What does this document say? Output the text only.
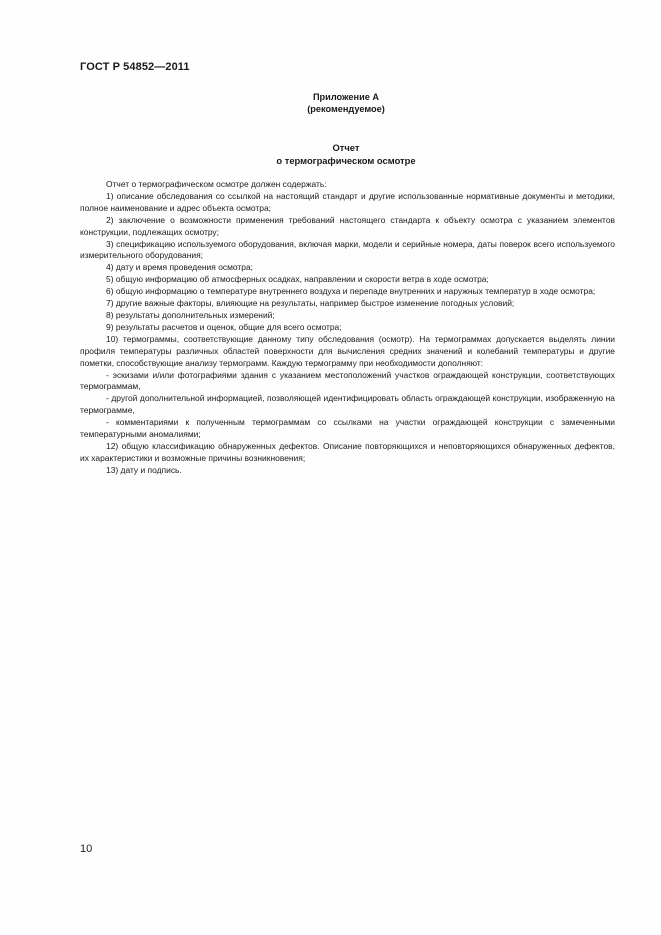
ГОСТ Р 54852—2011
Приложение А
(рекомендуемое)
Отчет
о термографическом осмотре

Отчет о термографическом осмотре должен содержать:

1) описание обследования со ссылкой на настоящий стандарт и другие использованные нормативные документы и методики, полное наименование и адрес объекта осмотра;

2) заключение о возможности применения требований настоящего стандарта к объекту осмотра с указанием элементов конструкции, подлежащих осмотру;

3) спецификацию используемого оборудования, включая марки, модели и серийные номера, даты поверок всего используемого измерительного оборудования;

4) дату и время проведения осмотра;

5) общую информацию об атмосферных осадках, направлении и скорости ветра в ходе осмотра;

6) общую информацию о температуре внутреннего воздуха и перепаде внутренних и наружных температур в ходе осмотра;

7) другие важные факторы, влияющие на результаты, например быстрое изменение погодных условий;

8) результаты дополнительных измерений;

9) результаты расчетов и оценок, общие для всего осмотра;

10) термограммы, соответствующие данному типу обследования (осмотр). На термограммах допускается выделять линии профиля температуры различных областей поверхности для вычисления средних значений и колебаний температуры и другие пометки, способствующие анализу термограмм. Каждую термограмму при необходимости дополняют:

- эскизами и/или фотографиями здания с указанием местоположений участков ограждающей конструкции, соответствующих термограммам,

- другой дополнительной информацией, позволяющей идентифицировать область ограждающей конструкции, изображенную на термограмме,

- комментариями к полученным термограммам со ссылками на участки ограждающей конструкции с замеченными температурными аномалиями;

12) общую классификацию обнаруженных дефектов. Описание повторяющихся и неповторяющихся обнаруженных дефектов, их характеристики и возможные причины возникновения;

13) дату и подпись.

10
